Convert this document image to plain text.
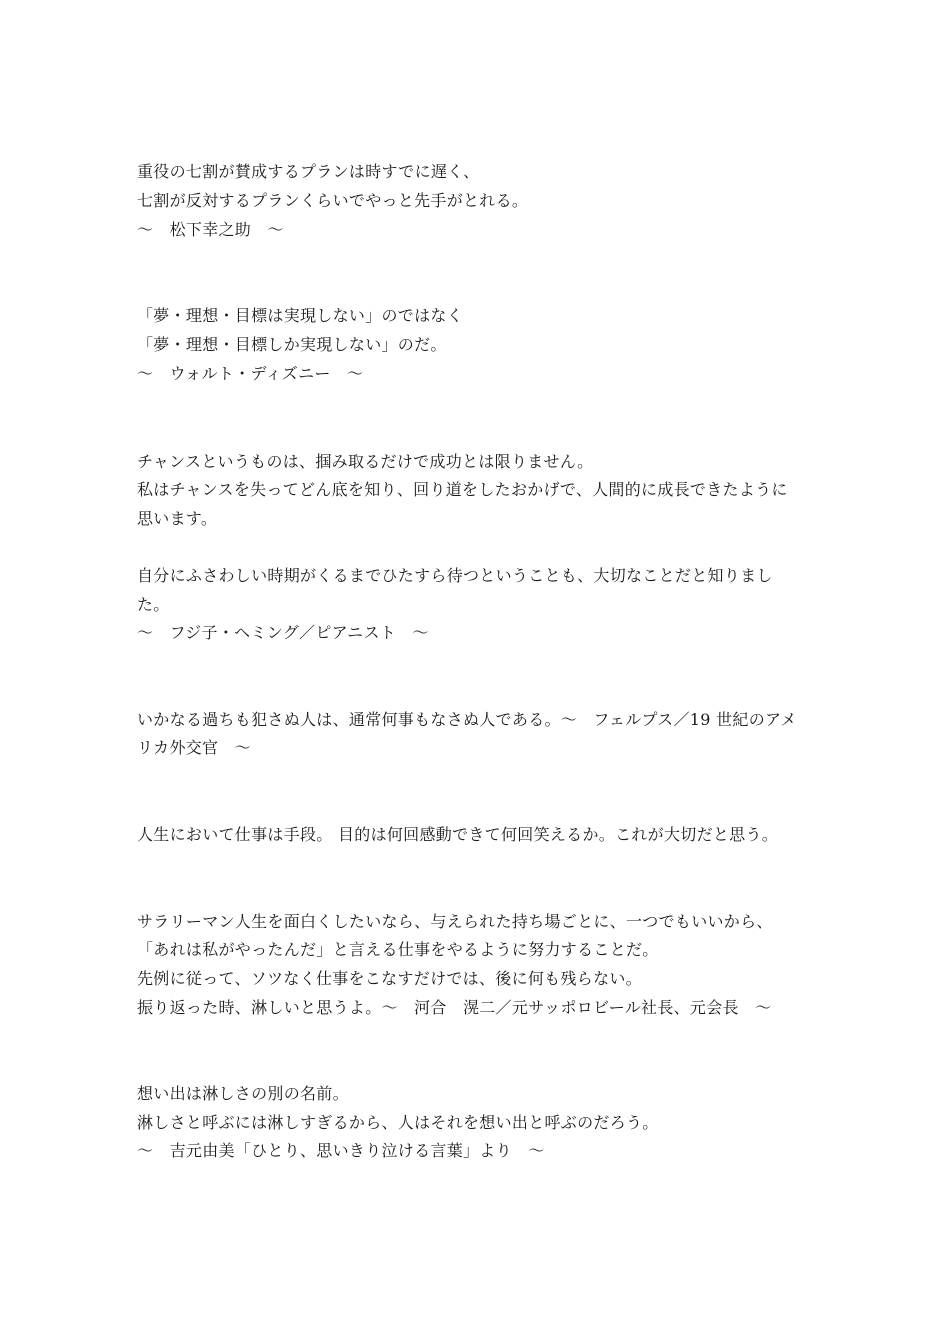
重役の七割が賛成するプランは時すでに遅く、
七割が反対するプランくらいでやっと先手がとれる。
～　松下幸之助　～
「夢・理想・目標は実現しない」のではなく
「夢・理想・目標しか実現しない」のだ。
～　ウォルト・ディズニー　～
チャンスというものは、掴み取るだけで成功とは限りません。
私はチャンスを失ってどん底を知り、回り道をしたおかげで、人間的に成長できたように
思います。
自分にふさわしい時期がくるまでひたすら待つということも、大切なことだと知りまし
た。
～　フジ子・ヘミング／ピアニスト　～
いかなる過ちも犯さぬ人は、通常何事もなさぬ人である。～　フェルプス／19 世紀のアメ
リカ外交官　～
人生において仕事は手段。 目的は何回感動できて何回笑えるか。これが大切だと思う。
サラリーマン人生を面白くしたいなら、与えられた持ち場ごとに、一つでもいいから、
「あれは私がやったんだ」と言える仕事をやるように努力することだ。
先例に従って、ソツなく仕事をこなすだけでは、後に何も残らない。
振り返った時、淋しいと思うよ。～　河合　滉二／元サッポロビール社長、元会長　～
想い出は淋しさの別の名前。
淋しさと呼ぶには淋しすぎるから、人はそれを想い出と呼ぶのだろう。
～　吉元由美「ひとり、思いきり泣ける言葉」より　～
